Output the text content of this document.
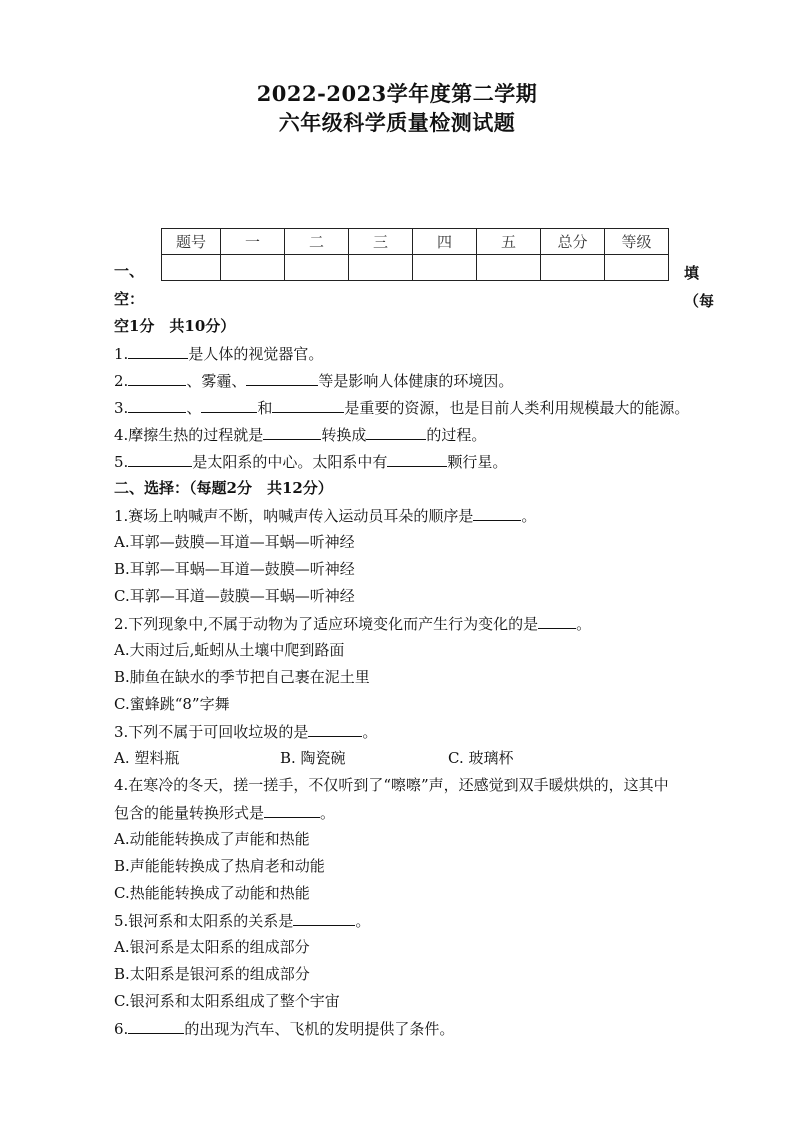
2022-2023学年度第二学期
六年级科学质量检测试题
题号	一	二	三	四	五	总分	等级

一、	填
空：	（每
空1分　共10分）
1.	是人体的视觉器官。
2.	、雾霾、	等是影响人体健康的环境因。
3.	、	和	是重要的资源，也是目前人类利用规模最大的能源。
4.摩擦生热的过程就是	转换成	的过程。
5.	是太阳系的中心。太阳系中有	颗行星。
二、选择：（每题2分　共12分）
1.赛场上呐喊声不断，呐喊声传入运动员耳朵的顺序是	。
A.耳郭—鼓膜—耳道—耳蜗—听神经
B.耳郭—耳蜗—耳道—鼓膜—听神经
C.耳郭—耳道—鼓膜—耳蜗—听神经
2.下列现象中,不属于动物为了适应环境变化而产生行为变化的是	。
A.大雨过后,蚯蚓从土壤中爬到路面
B.肺鱼在缺水的季节把自己裹在泥土里
C.蜜蜂跳“8”字舞
3.下列不属于可回收垃圾的是	。
A. 塑料瓶	B. 陶瓷碗	C. 玻璃杯
4.在寒冷的冬天，搓一搓手，不仅听到了“嚓嚓”声，还感觉到双手暖烘烘的，这其中
包含的能量转换形式是	。
A.动能能转换成了声能和热能
B.声能能转换成了热肩老和动能
C.热能能转换成了动能和热能
5.银河系和太阳系的关系是	。
A.银河系是太阳系的组成部分
B.太阳系是银河系的组成部分
C.银河系和太阳系组成了整个宇宙
6.	的出现为汽车、飞机的发明提供了条件。
